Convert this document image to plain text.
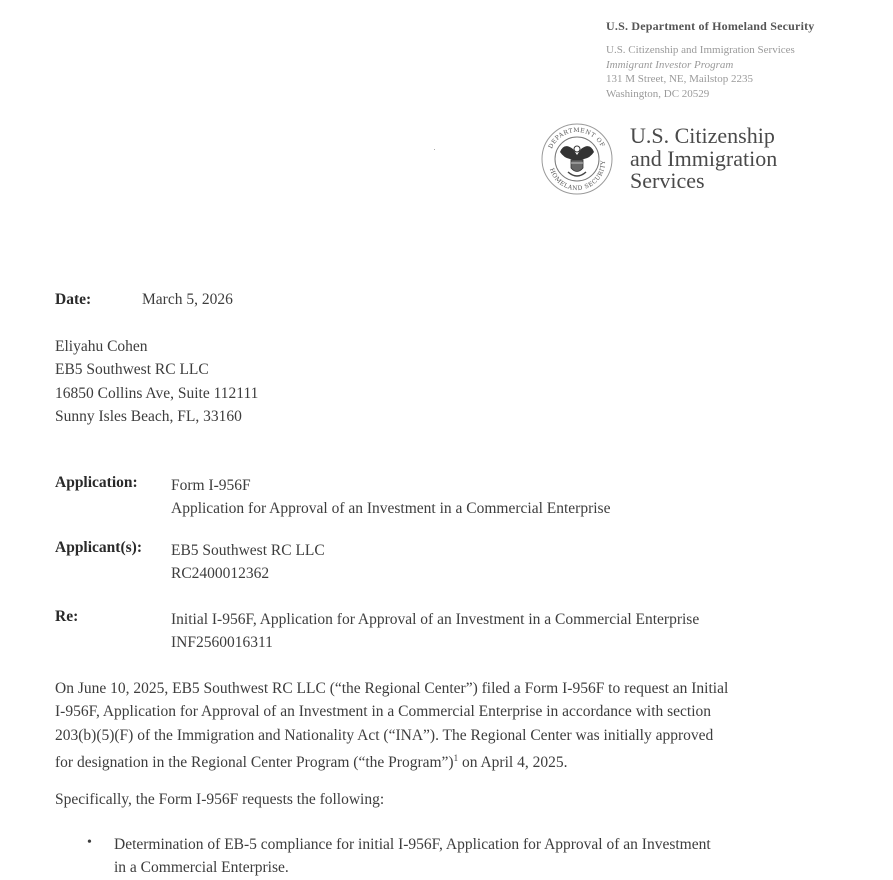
U.S. Department of Homeland Security
U.S. Citizenship and Immigration Services
Immigrant Investor Program
131 M Street, NE, Mailstop 2235
Washington, DC 20529
DEPARTMENT OF
HOMELAND SECURITY
U.S. Citizenship
and Immigration
Services
Date:	March 5, 2026
Eliyahu Cohen
EB5 Southwest RC LLC
16850 Collins Ave, Suite 112111
Sunny Isles Beach, FL, 33160
Application: Form I-956F
Application for Approval of an Investment in a Commercial Enterprise
Applicant(s): EB5 Southwest RC LLC
RC2400012362
Re:	Initial I-956F, Application for Approval of an Investment in a Commercial Enterprise
INF2560016311
On June 10, 2025, EB5 Southwest RC LLC (“the Regional Center”) filed a Form I-956F to request an Initial
I-956F, Application for Approval of an Investment in a Commercial Enterprise in accordance with section
203(b)(5)(F) of the Immigration and Nationality Act (“INA”). The Regional Center was initially approved
for designation in the Regional Center Program (“the Program”)$^1$ on April 4, 2025.
Specifically, the Form I-956F requests the following:
• Determination of EB-5 compliance for initial I-956F, Application for Approval of an Investment
in a Commercial Enterprise.
